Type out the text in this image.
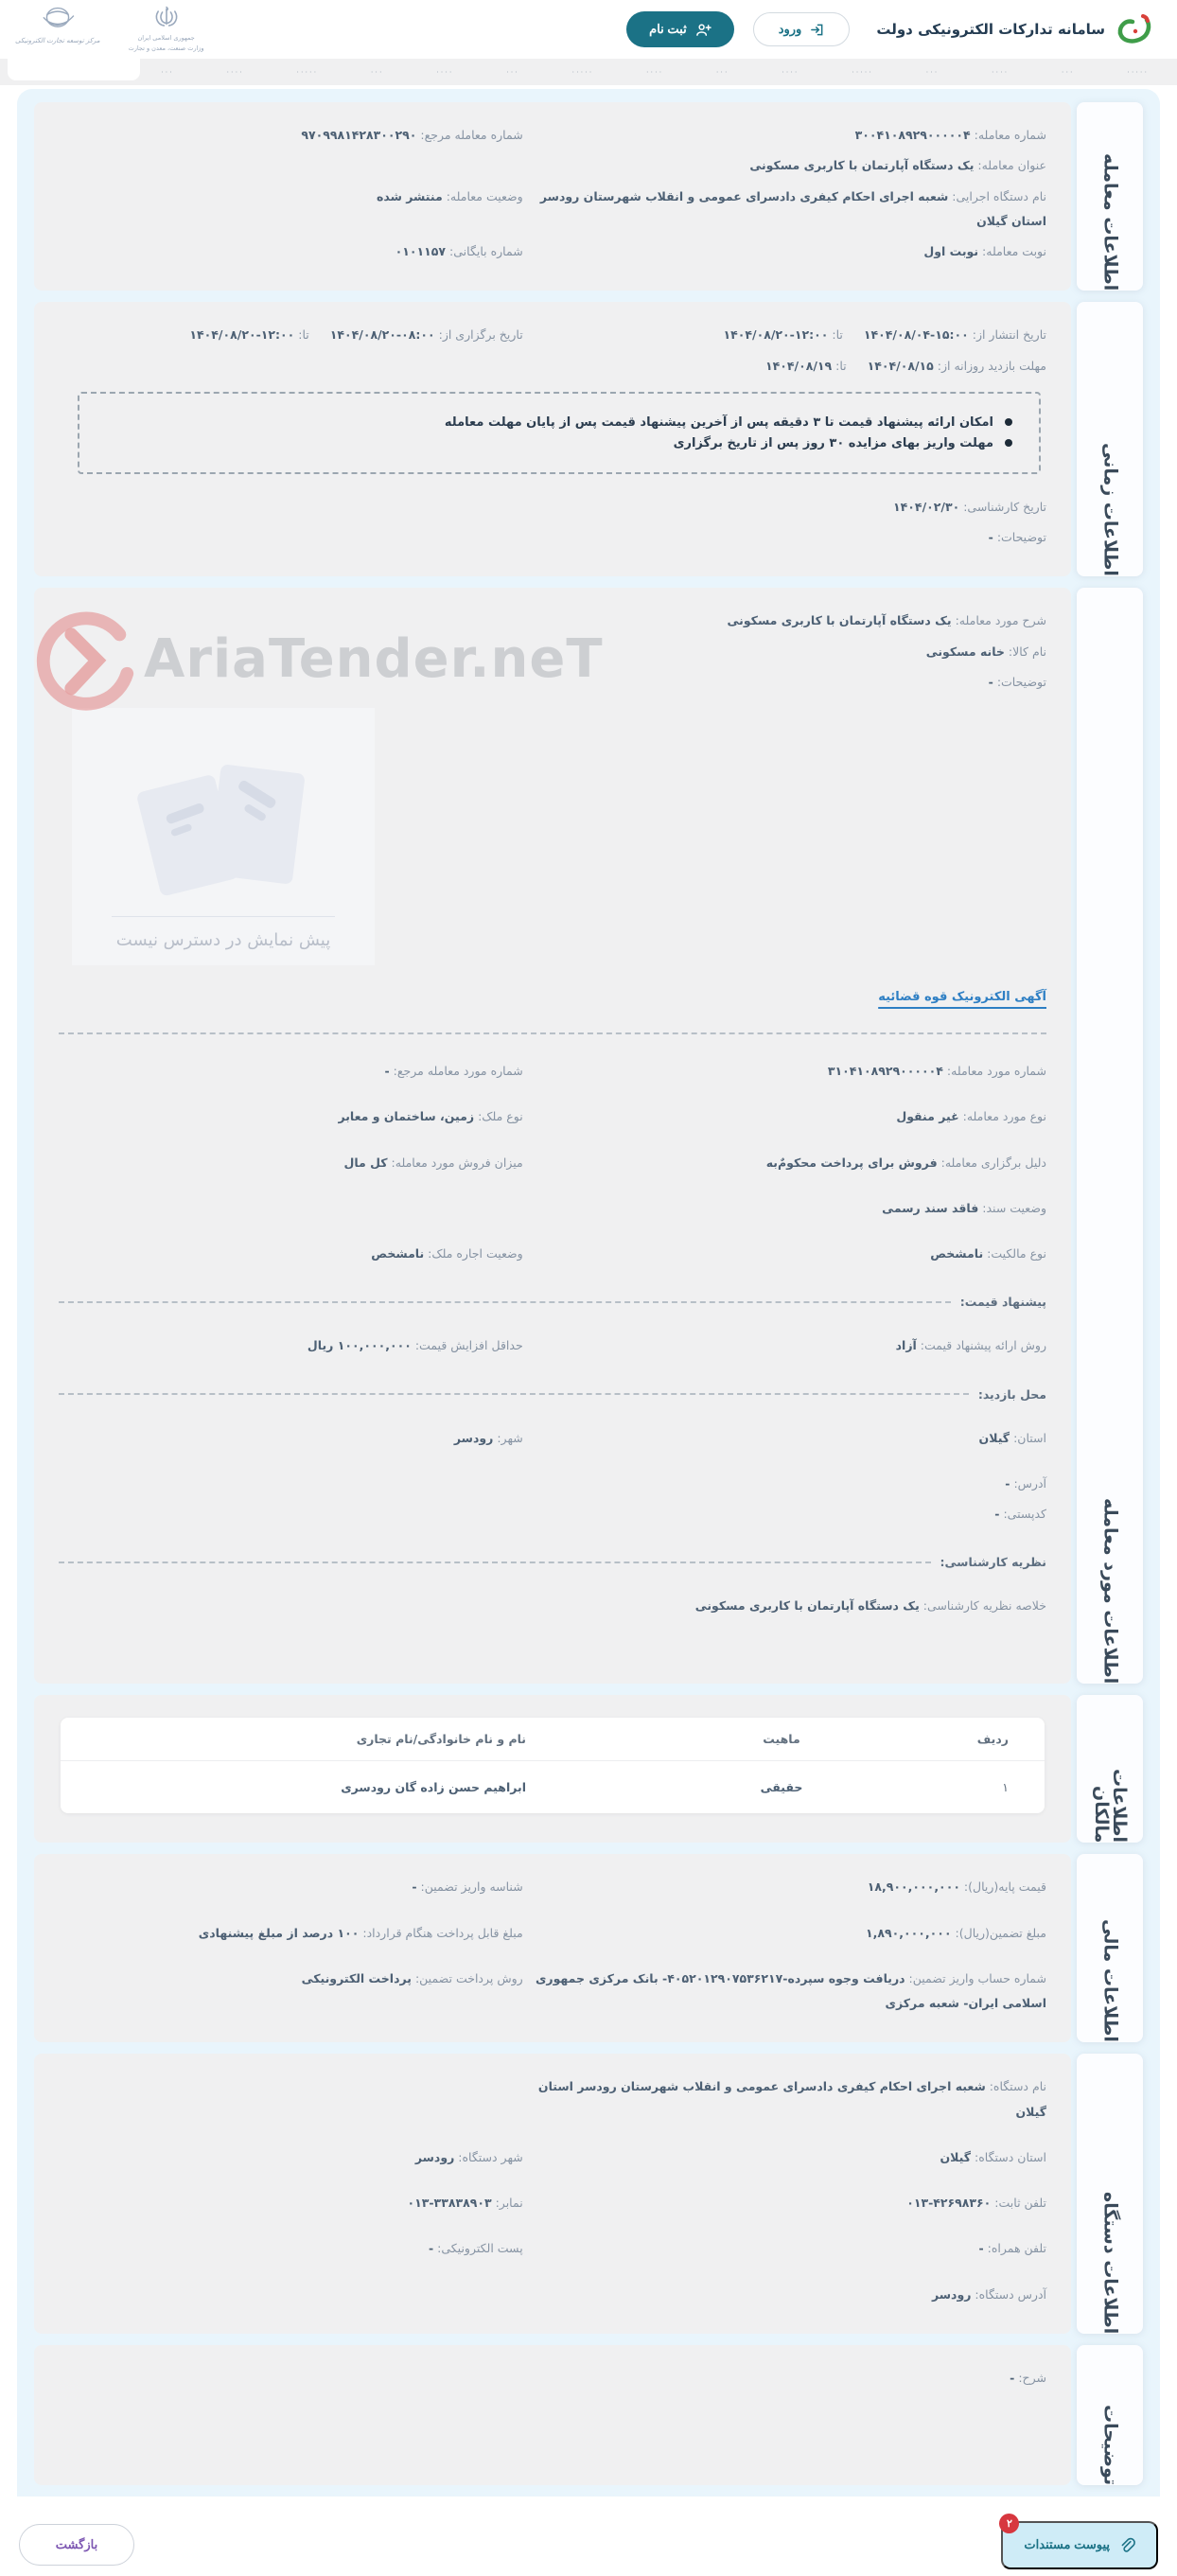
سامانه تدارکات الکترونیکی دولت
ورود
ثبت نام
مرکز توسعه تجارت الکترونیکی	جمهوری اسلامی ایران
وزارت صنعت، معدن و تجارت
·····
···
····
···
·····
····
···
····
·····
···
····
···
·····
····
···
اطلاعات معامله
شماره معامله : ۳۰۰۴۱۰۸۹۲۹۰۰۰۰۰۴
شماره معامله مرجع : ۹۷۰۹۹۸۱۴۲۸۳۰۰۲۹۰
عنوان معامله : یک دستگاه آپارتمان با کاربری مسکونی
نام دستگاه اجرایی : شعبه اجرای احکام کیفری دادسرای عمومی و انقلاب شهرستان رودسر استان گیلان
وضعیت معامله : منتشر شده
نوبت معامله : نوبت اول
شماره بایگانی : ۰۱۰۱۱۵۷
اطلاعات زمانی
تاریخ انتشار از : ۱۴۰۴/۰۸/۰۴-۱۵:۰۰تا : ۱۴۰۴/۰۸/۲۰-۱۲:۰۰
تاریخ برگزاری از : ۱۴۰۴/۰۸/۲۰-۰۸:۰۰تا : ۱۴۰۴/۰۸/۲۰-۱۲:۰۰
مهلت بازدید روزانه از : ۱۴۰۴/۰۸/۱۵تا : ۱۴۰۴/۰۸/۱۹
امکان ارائه پیشنهاد قیمت تا ۳ دقیقه پس از آخرین پیشنهاد قیمت پس از پایان مهلت معامله
مهلت واریز بهای مزایده ۳۰ روز پس از تاریخ برگزاری
تاریخ کارشناسی : ۱۴۰۴/۰۲/۳۰
توضیحات : -
اطلاعات مورد معامله
AriaTender.neT
شرح مورد معامله : یک دستگاه آپارتمان با کاربری مسکونی
نام کالا : خانه مسکونی
توضیحات : -
پیش نمایش در دسترس نیست
آگهی الکترونیک قوه قضائیه
شماره مورد معامله : ۳۱۰۴۱۰۸۹۲۹۰۰۰۰۰۴
شماره مورد معامله مرجع : -
نوع مورد معامله : غیر منقول
نوع ملک : زمین، ساختمان و معابر
دلیل برگزاری معامله : فروش برای پرداخت محکومٌ‌به
میزان فروش مورد معامله : کل مال
وضعیت سند : فاقد سند رسمی
نوع مالکیت : نامشخص
وضعیت اجاره ملک : نامشخص
پیشنهاد قیمت:
روش ارائه پیشنهاد قیمت : آزاد
حداقل افزایش قیمت : ۱۰۰,۰۰۰,۰۰۰ ریال
محل بازدید:
استان : گیلان
شهر : رودسر
آدرس : -
کدپستی : -
نظریه کارشناسی:
خلاصه نظریه کارشناسی : یک دستگاه آپارتمان با کاربری مسکونی
اطلاعات مالکان
ردیف
ماهیت
نام و نام خانوادگی/نام تجاری
۱
حقیقی
ابراهیم حسن زاده گان رودسری
اطلاعات مالی
قیمت پایه(ریال) : ۱۸,۹۰۰,۰۰۰,۰۰۰
شناسه واریز تضمین : -
مبلغ تضمین(ریال) : ۱,۸۹۰,۰۰۰,۰۰۰
مبلغ قابل پرداخت هنگام قرارداد : ۱۰۰ درصد از مبلغ پیشنهادی
شماره حساب واریز تضمین : دریافت وجوه سپرده-۴۰۵۲۰۱۲۹۰۷۵۳۶۲۱۷- بانک مرکزی جمهوری اسلامی ایران- شعبه مرکزی
روش پرداخت تضمین : پرداخت الکترونیکی
اطلاعات دستگاه
نام دستگاه : شعبه اجرای احکام کیفری دادسرای عمومی و انقلاب شهرستان رودسر استان گیلان
استان دستگاه : گیلان
شهر دستگاه : رودسر
تلفن ثابت : ۰۱۳-۴۲۶۹۸۳۶۰
نمابر : ۰۱۳-۳۳۸۳۸۹۰۳
تلفن همراه : -
پست الکترونیکی : -
آدرس دستگاه : رودسر
توضیحات
شرح : -
۲
پیوست مستندات
بازگشت
